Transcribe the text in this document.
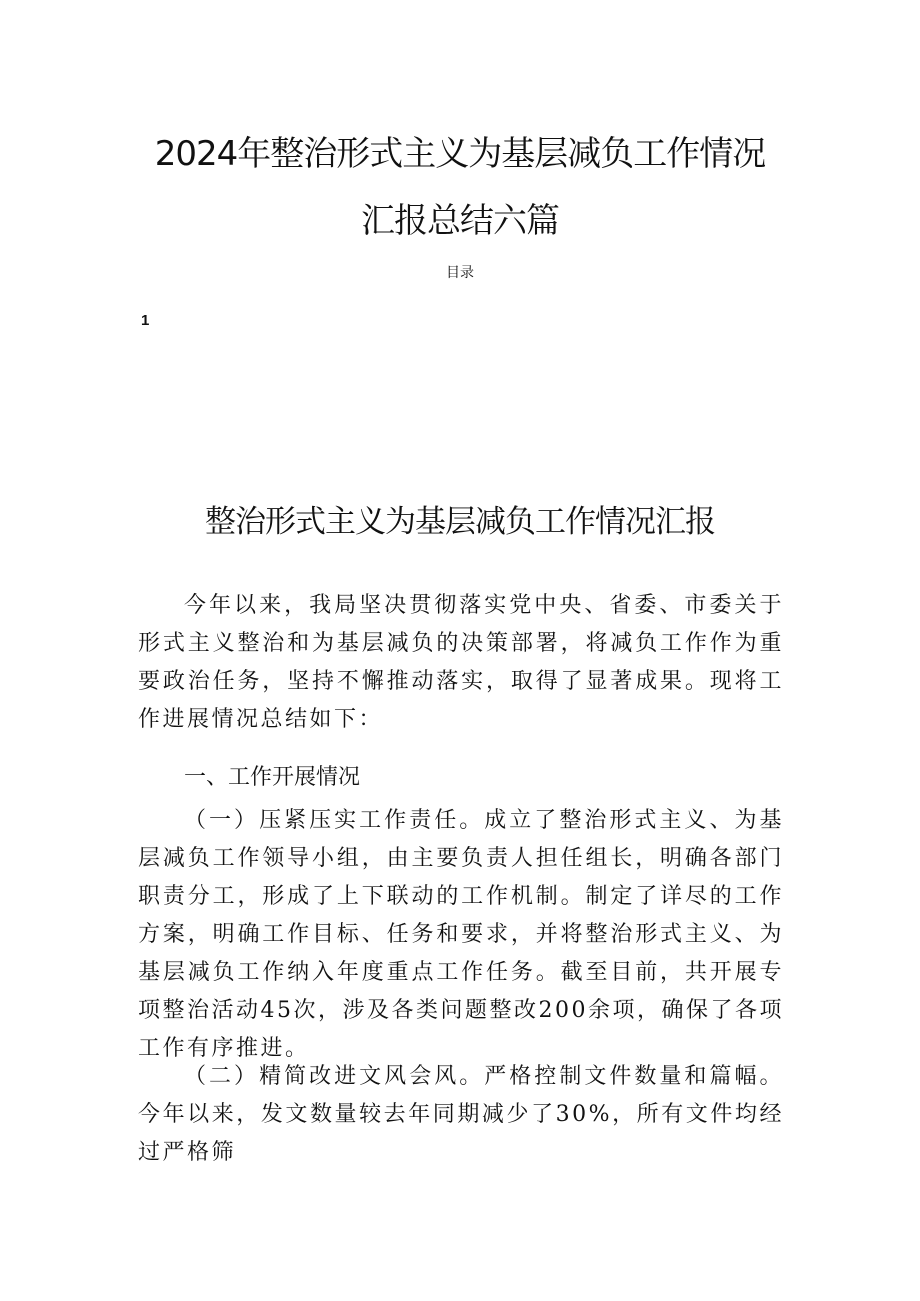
2024年整治形式主义为基层减负工作情况
汇报总结六篇
目录
1
整治形式主义为基层减负工作情况汇报

今年以来，我局坚决贯彻落实党中央、省委、市委关于形式主义整治和为基层减负的决策部署，将减负工作作为重要政治任务，坚持不懈推动落实，取得了显著成果。现将工作进展情况总结如下：

一、工作开展情况

（一）压紧压实工作责任。成立了整治形式主义、为基层减负工作领导小组，由主要负责人担任组长，明确各部门职责分工，形成了上下联动的工作机制。制定了详尽的工作方案，明确工作目标、任务和要求，并将整治形式主义、为基层减负工作纳入年度重点工作任务。截至目前，共开展专项整治活动45次，涉及各类问题整改200余项，确保了各项工作有序推进。

（二）精简改进文风会风。严格控制文件数量和篇幅。今年以来，发文数量较去年同期减少了30%，所有文件均经过严格筛
